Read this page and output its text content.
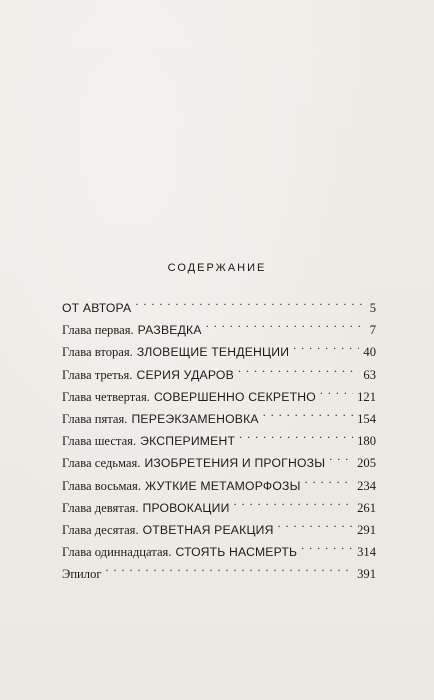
содержание
ОТ АВТОРА . . .	5
Глава первая. РАЗВЕДКА . . .	7
Глава вторая. ЗЛОВЕЩИЕ ТЕНДЕНЦИИ . . .	40
Глава третья. СЕРИЯ УДАРОВ . . .	63
Глава четвертая. СОВЕРШЕННО СЕКРЕТНО . . .	121
Глава пятая. ПЕРЕЭКЗАМЕНОВКА . . .	154
Глава шестая. ЭКСПЕРИМЕНТ . . .	180
Глава седьмая. ИЗОБРЕТЕНИЯ И ПРОГНОЗЫ . . .	205
Глава восьмая. ЖУТКИЕ МЕТАМОРФОЗЫ . . .	234
Глава девятая. ПРОВОКАЦИИ . . .	261
Глава десятая. ОТВЕТНАЯ РЕАКЦИЯ . . .	291
Глава одиннадцатая. СТОЯТЬ НАСМЕРТЬ . . .	314
Эпилог . . .	391
